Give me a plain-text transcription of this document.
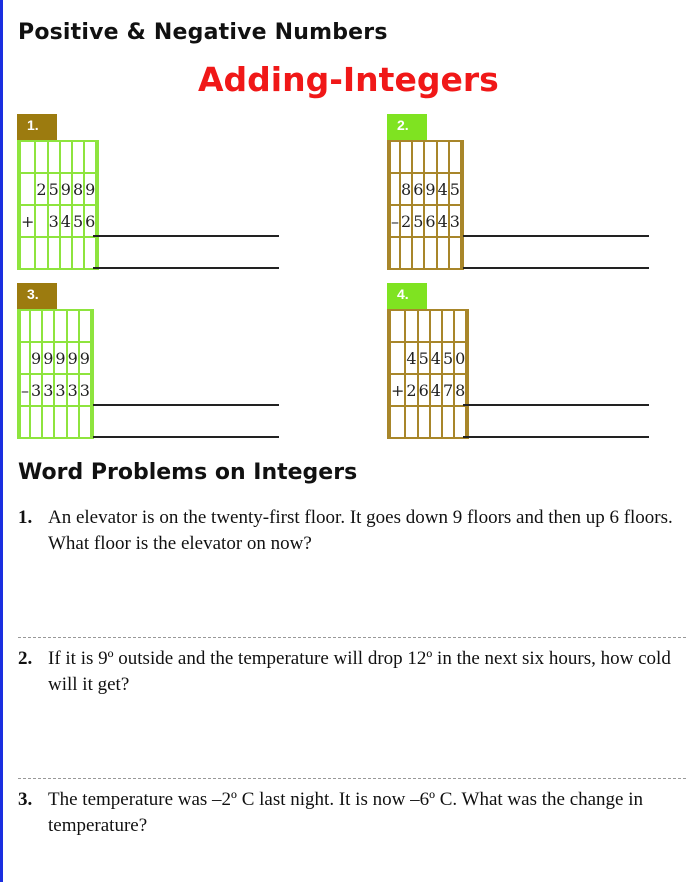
Positive & Negative Numbers
Adding-Integers
1.

		2	5	9	8	9	
	+		3	4	5	6	

2.

		8	6	9	4	5	
	–	2	5	6	4	3	

3.

		9	9	9	9	9	
	–	3	3	3	3	3	

4.

		4	5	4	5	0	
	+	2	6	4	7	8	

Word Problems on Integers
1. An elevator is on the twenty-first floor. It goes down 9 floors and then up 6 floors. What floor is the elevator on now?
2. If it is 9º outside and the temperature will drop 12º in the next six hours, how cold will it get?
3. The temperature was –2º C last night. It is now –6º C. What was the change in temperature?
